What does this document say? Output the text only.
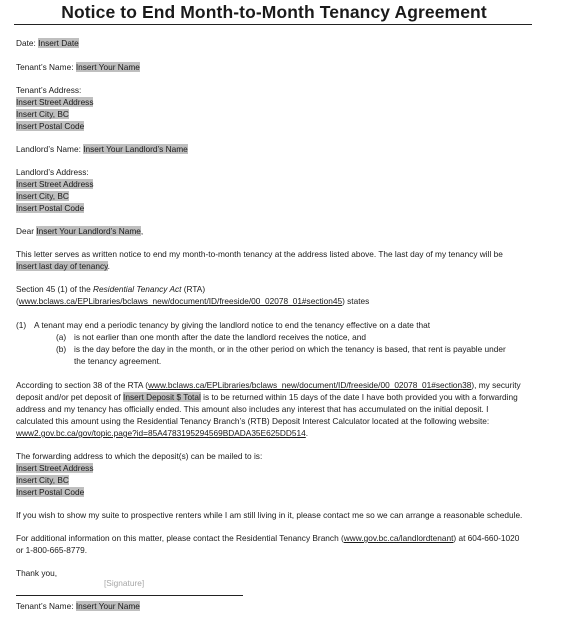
Notice to End Month-to-Month Tenancy Agreement
Date: Insert Date
Tenant’s Name: Insert Your Name
Tenant’s Address:
Insert Street Address
Insert City, BC
Insert Postal Code
Landlord’s Name: Insert Your Landlord’s Name
Landlord’s Address:
Insert Street Address
Insert City, BC
Insert Postal Code
Dear Insert Your Landlord’s Name,
This letter serves as written notice to end my month-to-month tenancy at the address listed above. The last day of my tenancy will be
Insert last day of tenancy.
Section 45 (1) of the Residential Tenancy Act (RTA)
(www.bclaws.ca/EPLibraries/bclaws_new/document/ID/freeside/00_02078_01#section45) states
(1) A tenant may end a periodic tenancy by giving the landlord notice to end the tenancy effective on a date that
(a) is not earlier than one month after the date the landlord receives the notice, and
(b) is the day before the day in the month, or in the other period on which the tenancy is based, that rent is payable under
the tenancy agreement.
According to section 38 of the RTA (www.bclaws.ca/EPLibraries/bclaws_new/document/ID/freeside/00_02078_01#section38), my security
deposit and/or pet deposit of Insert Deposit $ Total is to be returned within 15 days of the date I have both provided you with a forwarding
address and my tenancy has officially ended. This amount also includes any interest that has accumulated on the initial deposit. I
calculated this amount using the Residential Tenancy Branch’s (RTB) Deposit Interest Calculator located at the following website:
www2.gov.bc.ca/gov/topic.page?id=85A4783195294569BDADA35E625DD514.
The forwarding address to which the deposit(s) can be mailed to is:
Insert Street Address
Insert City, BC
Insert Postal Code
If you wish to show my suite to prospective renters while I am still living in it, please contact me so we can arrange a reasonable schedule.
For additional information on this matter, please contact the Residential Tenancy Branch (www.gov.bc.ca/landlordtenant) at 604-660-1020
or 1-800-665-8779.
Thank you,
[Signature]
Tenant’s Name: Insert Your Name
